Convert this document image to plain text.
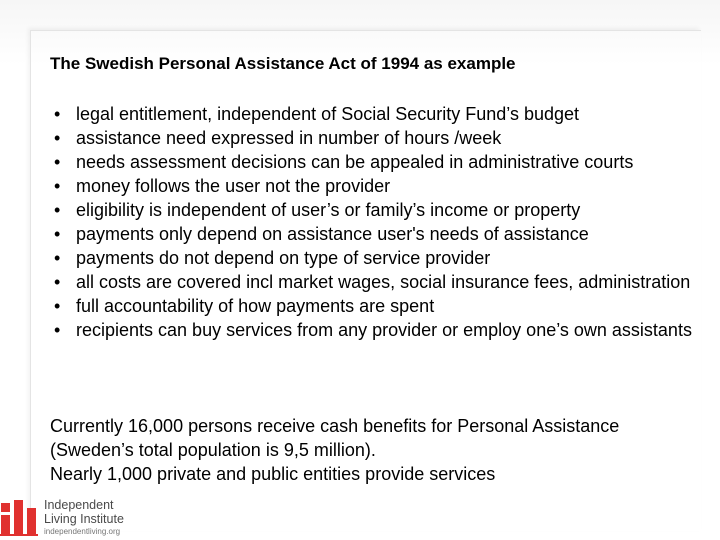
The Swedish Personal Assistance Act of 1994 as example
• legal entitlement, independent of Social Security Fund’s budget
• assistance need expressed in number of hours /week
• needs assessment decisions can be appealed in administrative courts
• money follows the user not the provider
• eligibility is independent of user’s or family’s income or property
• payments only depend on assistance user's needs of assistance
• payments do not depend on type of service provider
• all costs are covered incl market wages, social insurance fees, administration
• full accountability of how payments are spent
• recipients can buy services from any provider or employ one’s own assistants
Currently 16,000 persons receive cash benefits for Personal Assistance
(Sweden’s total population is 9,5 million).
Nearly 1,000 private and public entities provide services
Independent
Living Institute
independentliving.org
